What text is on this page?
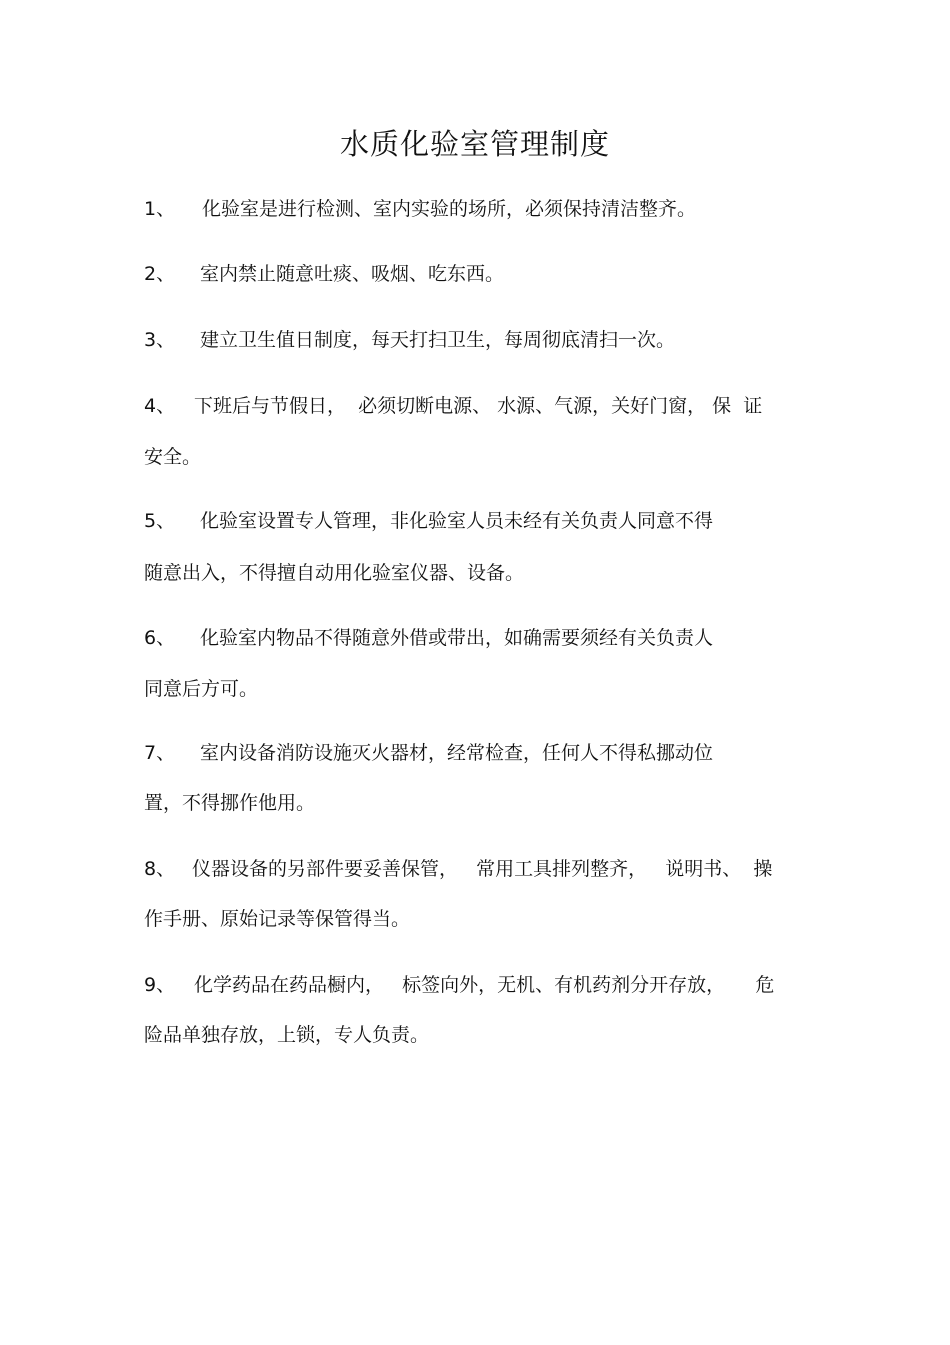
水质化验室管理制度
1、 化验室是进行检测、室内实验的场所，必须保持清洁整齐。
2、 室内禁止随意吐痰、吸烟、吃东西。
3、 建立卫生值日制度，每天打扫卫生，每周彻底清扫一次。
4、 下班后与节假日，  必须切断电源、 水源、气源，关好门窗， 保  证
安全。
5、 化验室设置专人管理，非化验室人员未经有关负责人同意不得
随意出入，不得擅自动用化验室仪器、设备。
6、 化验室内物品不得随意外借或带出，如确需要须经有关负责人
同意后方可。
7、 室内设备消防设施灭火器材，经常检查，任何人不得私挪动位
置，不得挪作他用。
8、 仪器设备的另部件要妥善保管，   常用工具排列整齐，   说明书、  操
作手册、原始记录等保管得当。
9、 化学药品在药品橱内，   标签向外，无机、有机药剂分开存放，     危
险品单独存放，上锁，专人负责。
